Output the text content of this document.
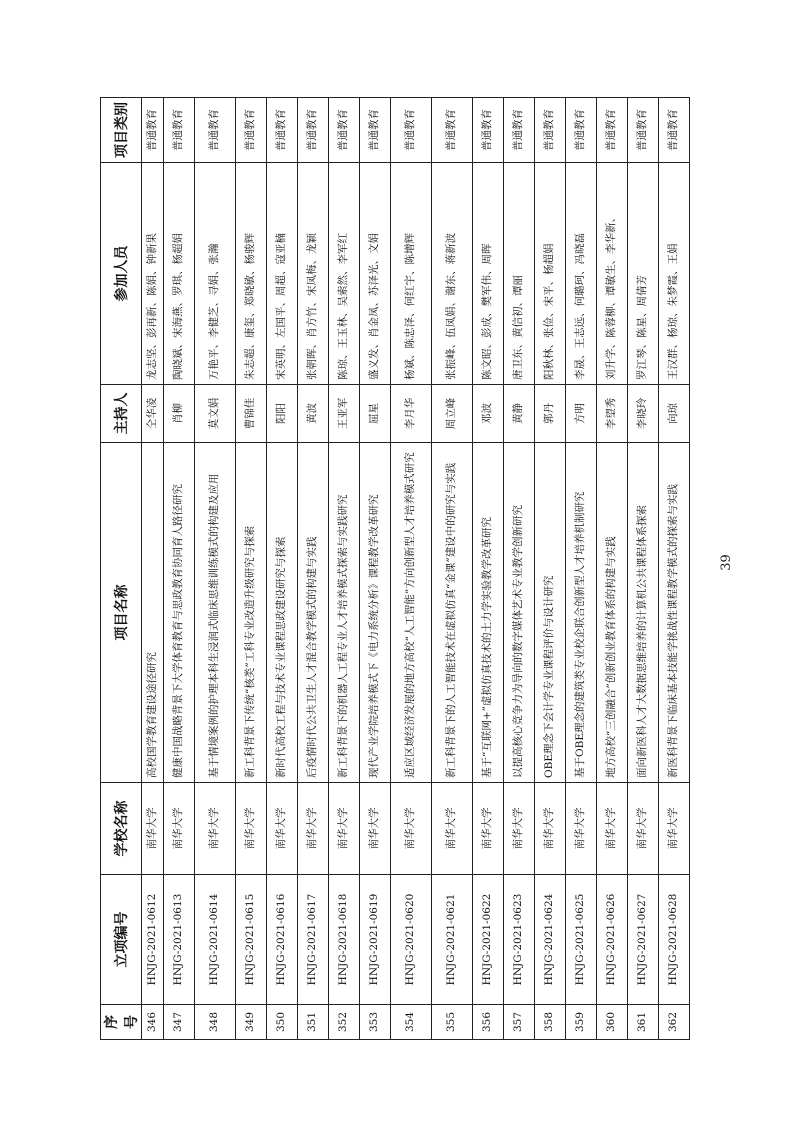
序号	立项编号	学校名称	项目名称	主持人	参加人员	项目类别
346	HNJG-2021-0612	南华大学	高校国学教育建设途径研究	仝华凌	龙志坚、彭再新、陈娟、钟新果	普通教育
347	HNJG-2021-0613	南华大学	健康中国战略背景下大学体育教育与思政教育协同育人路径研究	肖柳	陶晓斌、宋海燕、罗琪、杨超娟	普通教育
348	HNJG-2021-0614	南华大学	基于情境案例的护理本科生浸润式临床思维训练模式的构建及应用	莫文娟	万艳平、李健芝、寻娟、张瀚	普通教育
349	HNJG-2021-0615	南华大学	新工科背景下传统“核类”工科专业改造升级研究与探索	曹锦佳	朱志超、康玺、郑晓敏、杨骏辉	普通教育
350	HNJG-2021-0616	南华大学	新时代高校工程与技术专业课程思政建设研究与探索	阳阳	宋英明、左国平、周超、寇亚楠	普通教育
351	HNJG-2021-0617	南华大学	后疫情时代公共卫生人才混合教学模式的构建与实践	黄波	张朝晖、肖方竹、宋凤梅、龙颖	普通教育
352	HNJG-2021-0618	南华大学	新工科背景下的机器人工程专业人才培养模式探索与实践研究	王亚军	陈琼、王玉林、吴索然、李军红	普通教育
353	HNJG-2021-0619	南华大学	现代产业学院培养模式下《电力系统分析》课程教学改革研究	屈星	盛义发、肖金凤、苏泽光、文娟	普通教育
354	HNJG-2021-0620	南华大学	适应区域经济发展的地方高校“人工智能”方向创新型人才培养模式研究	李月华	杨斌、陈忠泽、何红宇、陈增辉	普通教育
355	HNJG-2021-0621	南华大学	新工科背景下的人工智能技术在虚拟仿真“金课”建设中的研究与实践	周立峰	张振峰、伍凤娟、谢东、蒋新波	普通教育
356	HNJG-2021-0622	南华大学	基于“互联网+”虚拟仿真技术的土力学实验教学改革研究	邓波	陈文昭、彭成、樊军伟、周晖	普通教育
357	HNJG-2021-0623	南华大学	以提高核心竞争力为导向的数字媒体艺术专业教学创新研究	黄静	唐卫东、黄信初、谭丽	普通教育
358	HNJG-2021-0624	南华大学	OBE理念下会计学专业课程评价与设计研究	郭丹	阳秋林、张俭、宋平、杨超娟	普通教育
359	HNJG-2021-0625	南华大学	基于OBE理念的建筑类专业校企联合创新型人才培养机制研究	方明	李晟、王志远、何璐珂、冯晓磊	普通教育
360	HNJG-2021-0626	南华大学	地方高校“三创融合”创新创业教育体系的构建与实践	李望秀	刘升学、陈蓉柳、谭敏生、李华新、	普通教育
361	HNJG-2021-0627	南华大学	面向新医科人才大数据思维培养的计算机公共课程体系探索	李晓玲	罗江琴、陈星、周倩芳	普通教育
362	HNJG-2021-0628	南华大学	新医科背景下临床基本技能学挑战性课程教学模式的探索与实践	向琼	王汉群、杨琼、朱梦霞、王娟	普通教育
39
